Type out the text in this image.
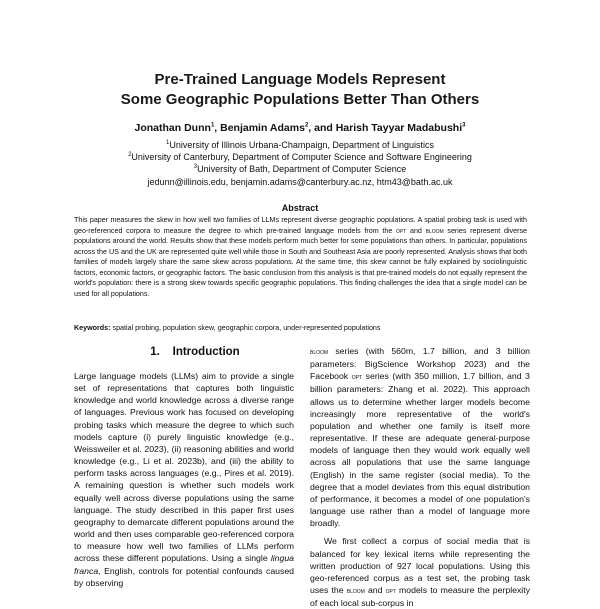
Pre-Trained Language Models Represent
Some Geographic Populations Better Than Others
Jonathan Dunn$^1$, Benjamin Adams$^2$, and Harish Tayyar Madabushi$^3$
$^1$University of Illinois Urbana-Champaign, Department of Linguistics
$^2$University of Canterbury, Department of Computer Science and Software Engineering
$^3$University of Bath, Department of Computer Science
jedunn@illinois.edu, benjamin.adams@canterbury.ac.nz, htm43@bath.ac.uk
Abstract
This paper measures the skew in how well two families of LLMs represent diverse geographic populations. A spatial probing task is used with geo-referenced corpora to measure the degree to which pre-trained language models from the opt and bloom series represent diverse populations around the world. Results show that these models perform much better for some populations than others. In particular, populations across the US and the UK are represented quite well while those in South and Southeast Asia are poorly represented. Analysis shows that both families of models largely share the same skew across populations. At the same time, this skew cannot be fully explained by sociolinguistic factors, economic factors, or geographic factors. The basic conclusion from this analysis is that pre-trained models do not equally represent the world's population: there is a strong skew towards specific geographic populations. This finding challenges the idea that a single model can be used for all populations.
Keywords: spatial probing, population skew, geographic corpora, under-represented populations
1.    Introduction

Large language models (LLMs) aim to provide a single set of representations that captures both linguistic knowledge and world knowledge across a diverse range of languages. Previous work has focused on developing probing tasks which measure the degree to which such models capture (i) purely linguistic knowledge (e.g., Weissweiler et al. 2023), (ii) reasoning abilities and world knowledge (e.g., Li et al. 2023b), and (iii) the ability to perform tasks across languages (e.g., Pires et al. 2019). A remaining question is whether such models work equally well across diverse populations using the same language. The study described in this paper first uses geography to demarcate different populations around the world and then uses comparable geo-referenced corpora to measure how well two families of LLMs perform across these different populations. Using a single lingua franca, English, controls for potential confounds caused by observing

bloom series (with 560m, 1.7 billion, and 3 billion parameters: BigScience Workshop 2023) and the Facebook opt series (with 350 million, 1.7 billion, and 3 billion parameters: Zhang et al. 2022). This approach allows us to determine whether larger models become increasingly more representative of the world's population and whether one family is itself more representative. If these are adequate general-purpose models of language then they would work equally well across all populations that use the same language (English) in the same register (social media). To the degree that a model deviates from this equal distribution of performance, it becomes a model of one population's language use rather than a model of language more broadly.

We first collect a corpus of social media that is balanced for key lexical items while representing the written production of 927 local populations. Using this geo-referenced corpus as a test set, the probing task uses the bloom and opt models to measure the perplexity of each local sub-corpus in
